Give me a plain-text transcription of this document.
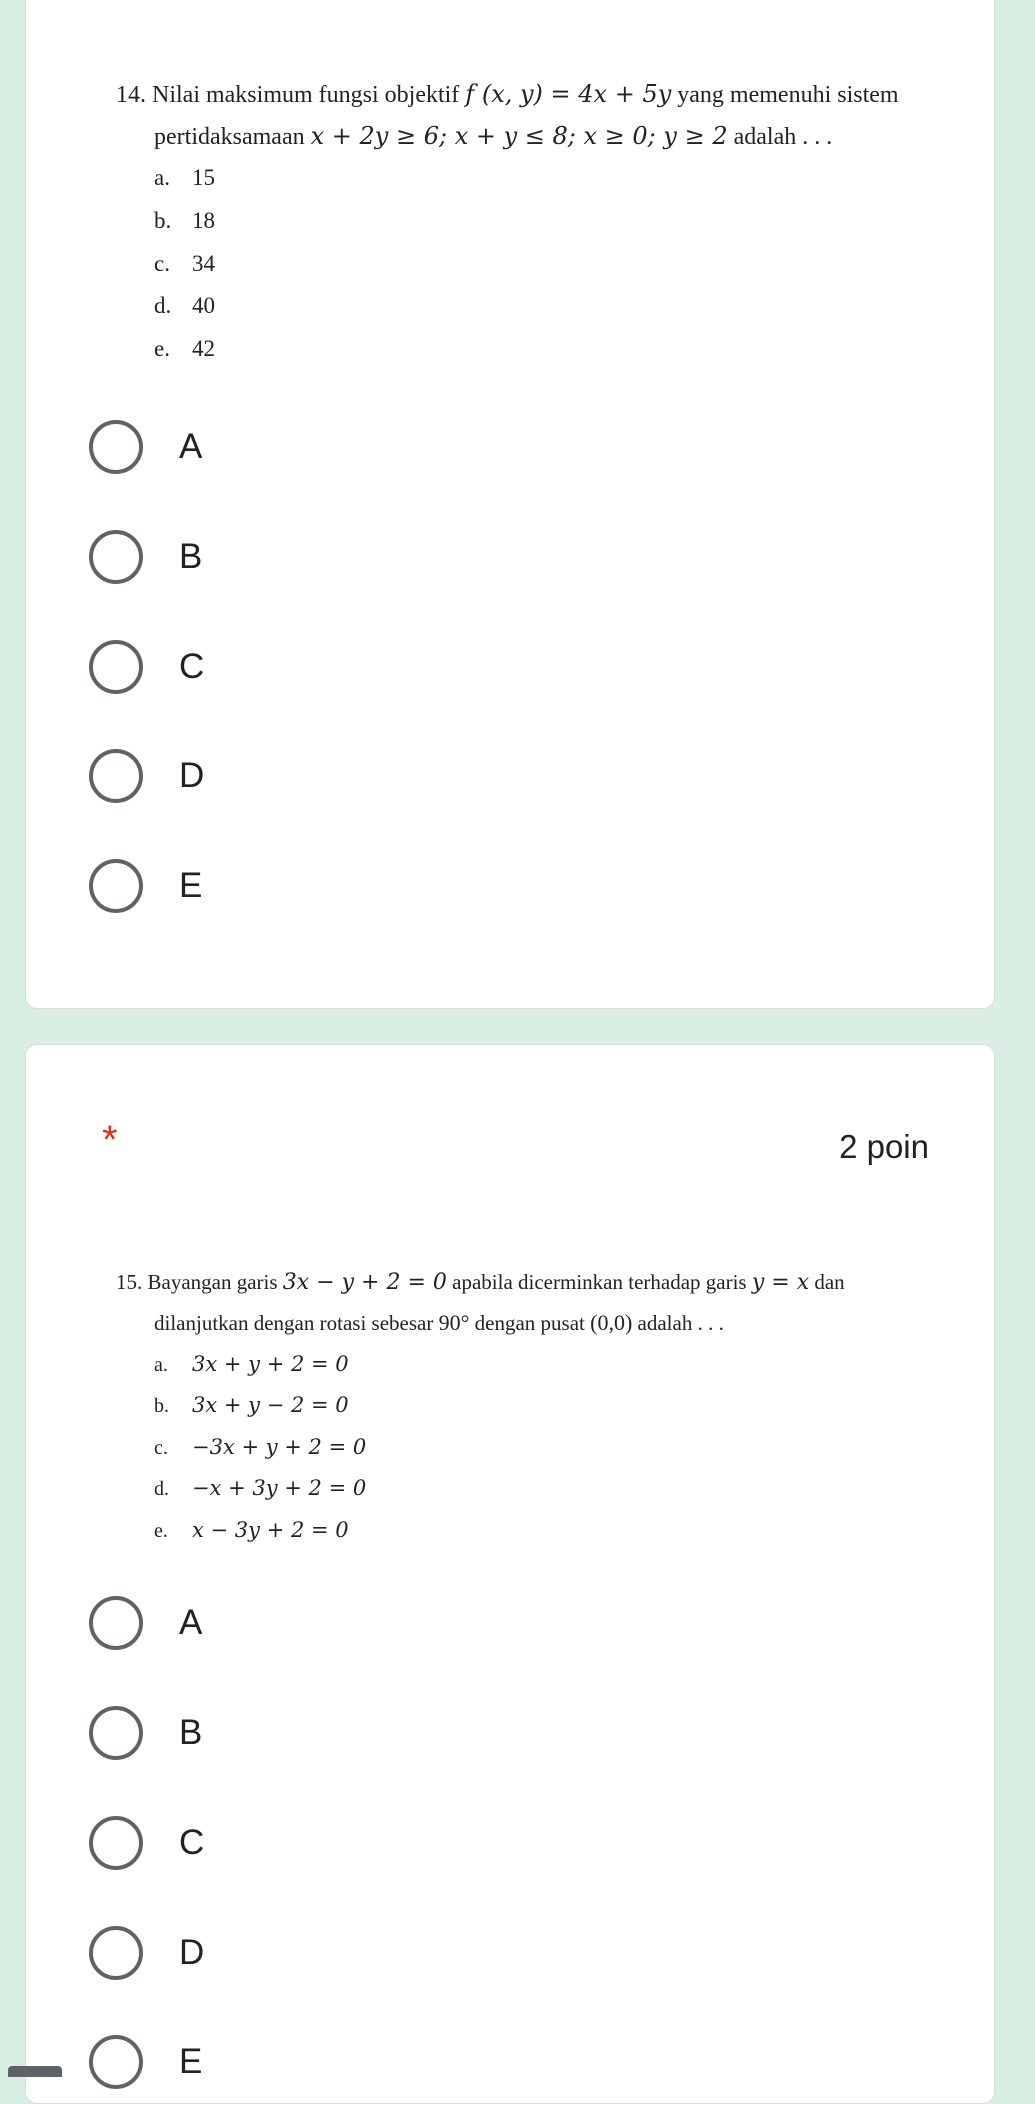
14. Nilai maksimum fungsi objektif f (x, y) = 4x + 5y yang memenuhi sistem
pertidaksamaan x + 2y ≥ 6; x + y ≤ 8; x ≥ 0; y ≥ 2 adalah . . .
a. 15
b. 18
c. 34
d. 40
e. 42
A
B
C
D
E
*	2 poin
15. Bayangan garis 3x − y + 2 = 0 apabila dicerminkan terhadap garis y = x dan
dilanjutkan dengan rotasi sebesar 90° dengan pusat (0,0) adalah . . .
a. 3x + y + 2 = 0
b. 3x + y − 2 = 0
c. −3x + y + 2 = 0
d. −x + 3y + 2 = 0
e. x − 3y + 2 = 0
A
B
C
D
E
